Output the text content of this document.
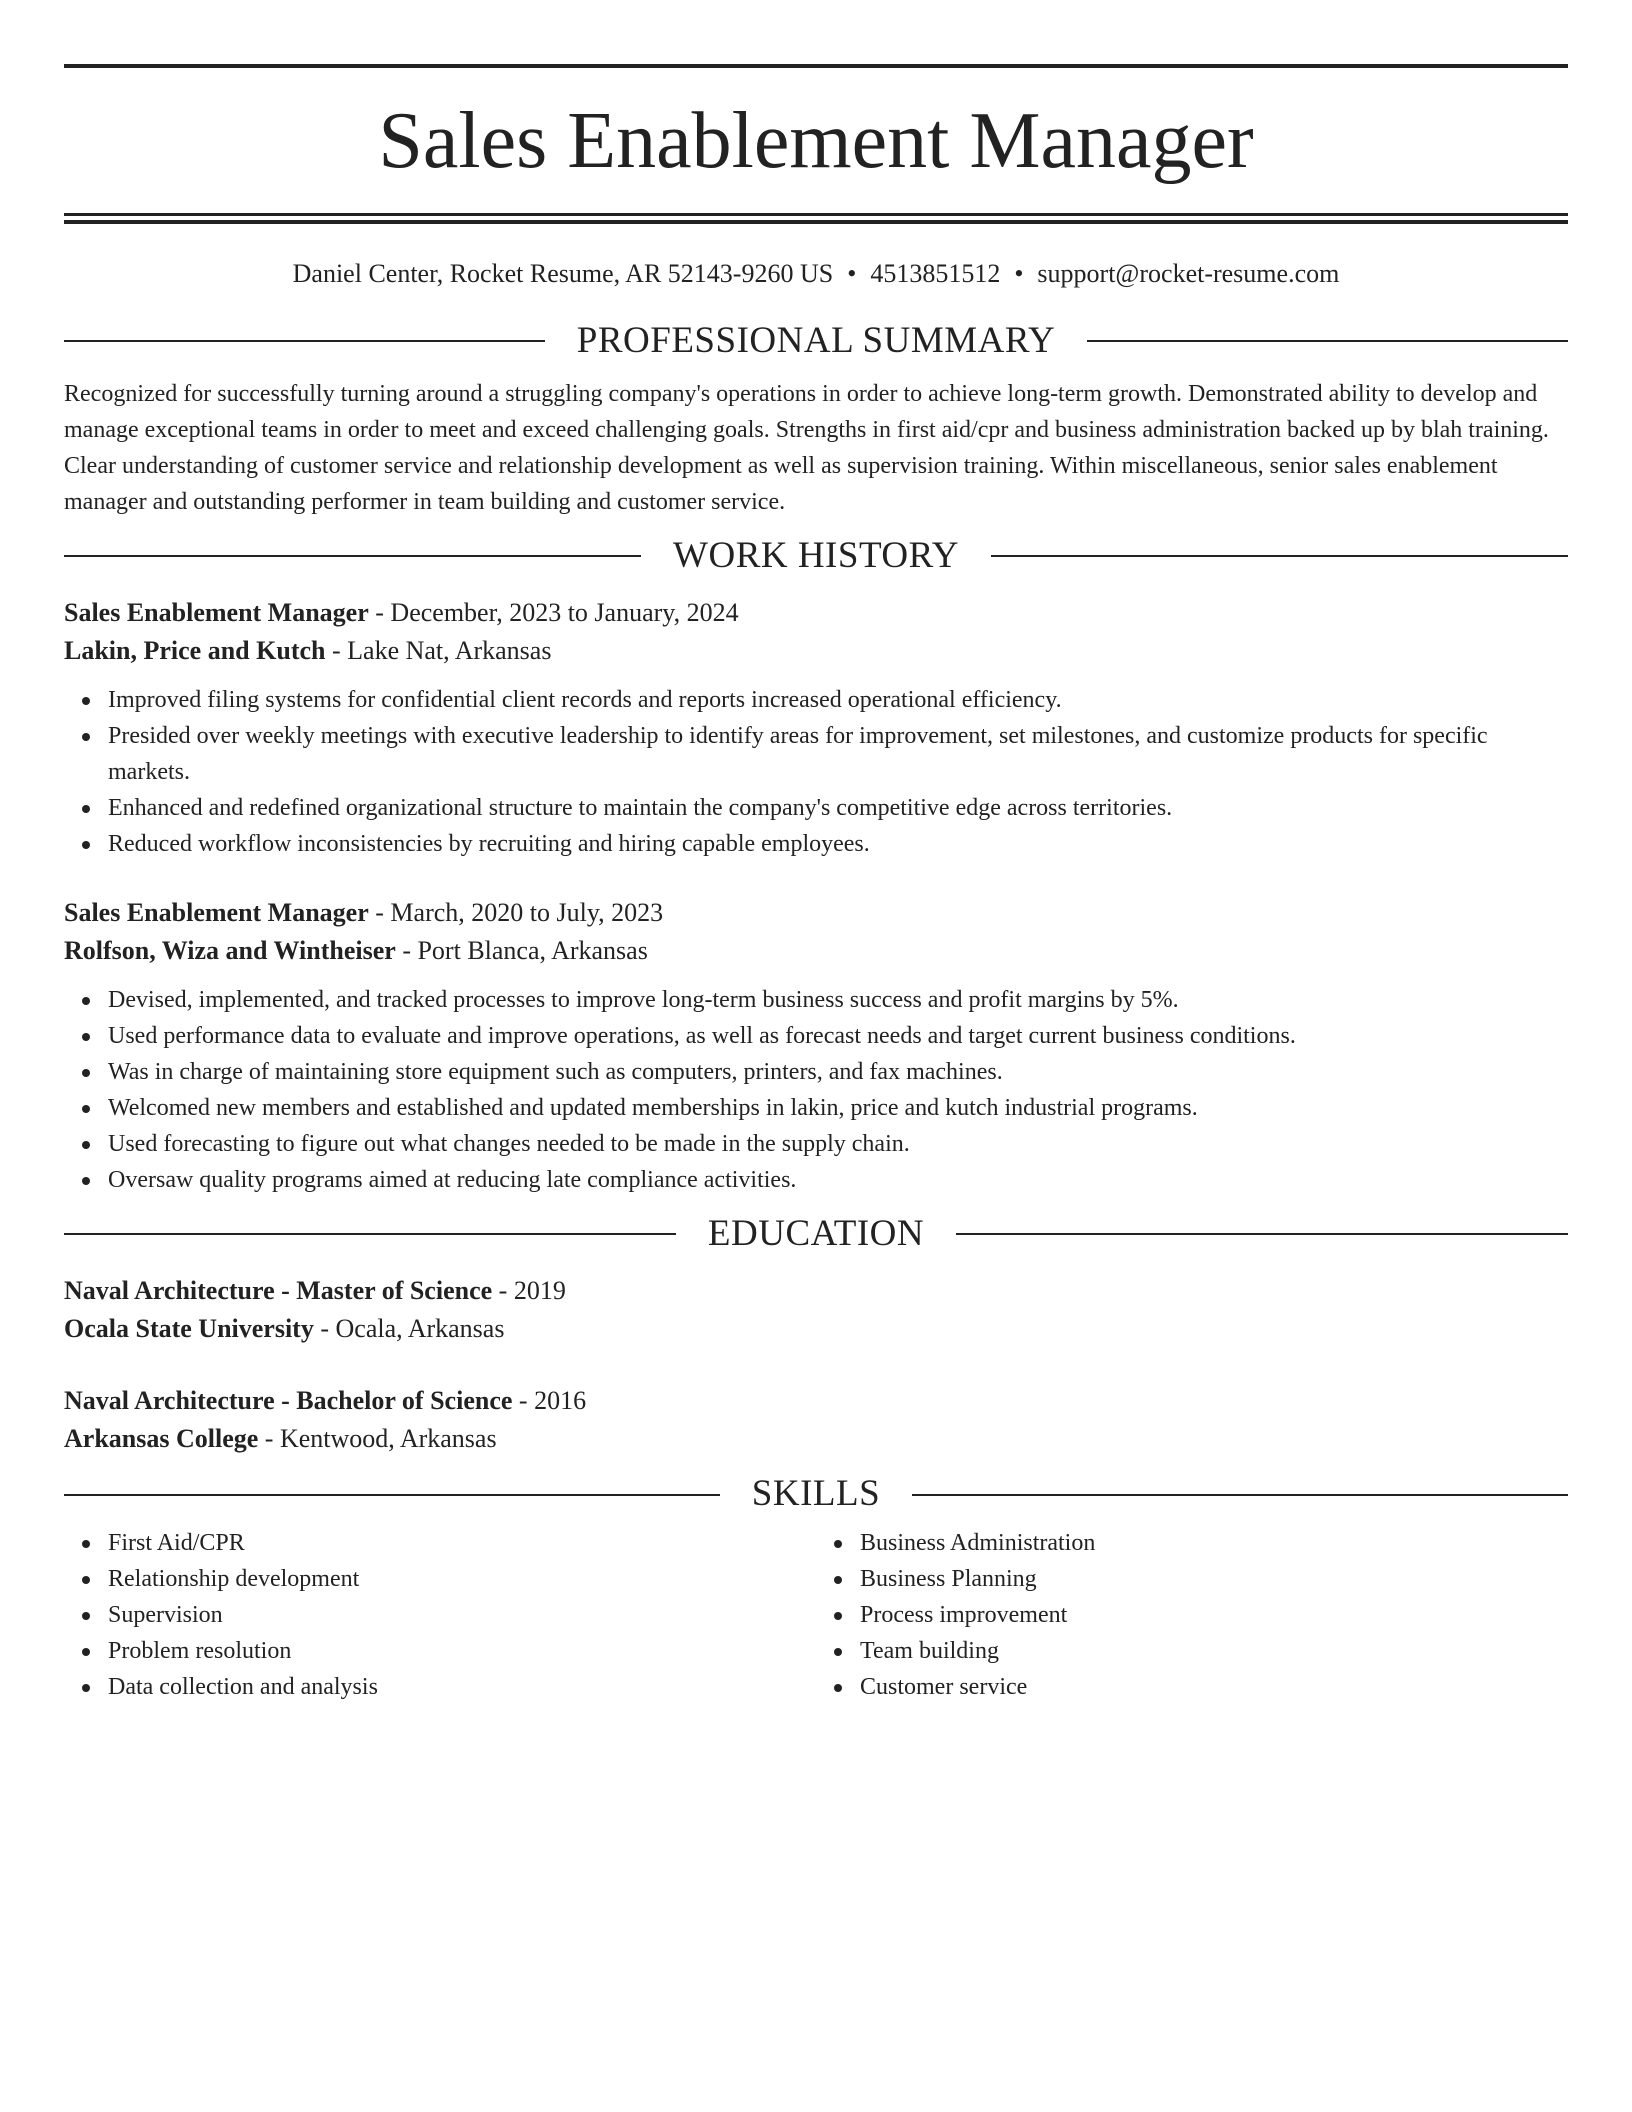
Sales Enablement Manager
Daniel Center, Rocket Resume, AR 52143-9260 US • 4513851512 • support@rocket-resume.com
PROFESSIONAL SUMMARY

Recognized for successfully turning around a struggling company's operations in order to achieve long-term growth. Demonstrated ability to develop and manage exceptional teams in order to meet and exceed challenging goals. Strengths in first aid/cpr and business administration backed up by blah training. Clear understanding of customer service and relationship development as well as supervision training. Within miscellaneous, senior sales enablement manager and outstanding performer in team building and customer service.

WORK HISTORY
Sales Enablement Manager - December, 2023 to January, 2024
Lakin, Price and Kutch - Lake Nat, Arkansas
Improved filing systems for confidential client records and reports increased operational efficiency.
Presided over weekly meetings with executive leadership to identify areas for improvement, set milestones, and customize products for specific markets.
Enhanced and redefined organizational structure to maintain the company's competitive edge across territories.
Reduced workflow inconsistencies by recruiting and hiring capable employees.
Sales Enablement Manager - March, 2020 to July, 2023
Rolfson, Wiza and Wintheiser - Port Blanca, Arkansas
Devised, implemented, and tracked processes to improve long-term business success and profit margins by 5%.
Used performance data to evaluate and improve operations, as well as forecast needs and target current business conditions.
Was in charge of maintaining store equipment such as computers, printers, and fax machines.
Welcomed new members and established and updated memberships in lakin, price and kutch industrial programs.
Used forecasting to figure out what changes needed to be made in the supply chain.
Oversaw quality programs aimed at reducing late compliance activities.
EDUCATION
Naval Architecture - Master of Science - 2019
Ocala State University - Ocala, Arkansas
Naval Architecture - Bachelor of Science - 2016
Arkansas College - Kentwood, Arkansas
SKILLS
First Aid/CPR
Relationship development
Supervision
Problem resolution
Data collection and analysis
Business Administration
Business Planning
Process improvement
Team building
Customer service
